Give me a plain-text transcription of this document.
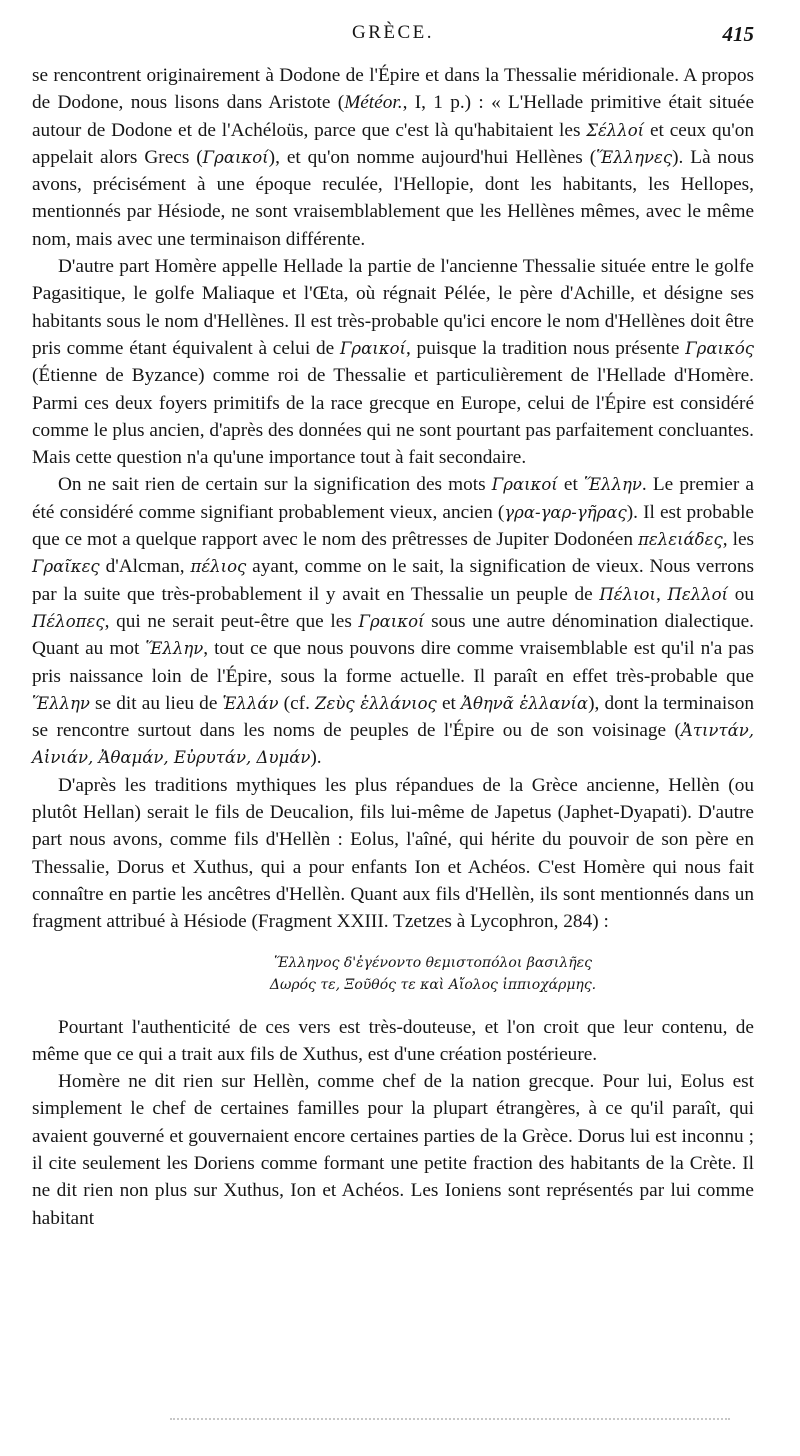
GRÈCE.	415

se rencontrent originairement à Dodone de l'Épire et dans la Thessalie méridionale. A propos de Dodone, nous lisons dans Aristote (Météor., I, 1 p.) : « L'Hellade primitive était située autour de Dodone et de l'Achéloüs, parce que c'est là qu'habitaient les Σέλλοί et ceux qu'on appelait alors Grecs (Γραικοί), et qu'on nomme aujourd'hui Hellènes (Ἕλληνες). Là nous avons, précisément à une époque reculée, l'Hellopie, dont les habitants, les Hellopes, mentionnés par Hésiode, ne sont vraisemblablement que les Hellènes mêmes, avec le même nom, mais avec une terminaison différente.

D'autre part Homère appelle Hellade la partie de l'ancienne Thessalie située entre le golfe Pagasitique, le golfe Maliaque et l'Œta, où régnait Pélée, le père d'Achille, et désigne ses habitants sous le nom d'Hellènes. Il est très-probable qu'ici encore le nom d'Hellènes doit être pris comme étant équivalent à celui de Γραικοί, puisque la tradition nous présente Γραικός (Étienne de Byzance) comme roi de Thessalie et particulièrement de l'Hellade d'Homère. Parmi ces deux foyers primitifs de la race grecque en Europe, celui de l'Épire est considéré comme le plus ancien, d'après des données qui ne sont pourtant pas parfaitement concluantes. Mais cette question n'a qu'une importance tout à fait secondaire.

On ne sait rien de certain sur la signification des mots Γραικοί et Ἕλλην. Le premier a été considéré comme signifiant probablement vieux, ancien (γρα-γαρ-γῆρας). Il est probable que ce mot a quelque rapport avec le nom des prêtresses de Jupiter Dodonéen πελειάδες, les Γραῖκες d'Alcman, πέλιος ayant, comme on le sait, la signification de vieux. Nous verrons par la suite que très-probablement il y avait en Thessalie un peuple de Πέλιοι, Πελλοί ou Πέλοπες, qui ne serait peut-être que les Γραικοί sous une autre dénomination dialectique. Quant au mot Ἕλλην, tout ce que nous pouvons dire comme vraisemblable est qu'il n'a pas pris naissance loin de l'Épire, sous la forme actuelle. Il paraît en effet très-probable que Ἕλλην se dit au lieu de Ἑλλάν (cf. Ζεὺς ἑλλάνιος et Ἀθηνᾶ ἑλλανία), dont la terminaison se rencontre surtout dans les noms de peuples de l'Épire ou de son voisinage (Ἀτιντάν, Αἰνιάν, Ἀθαμάν, Εὐρυτάν, Δυμάν).

D'après les traditions mythiques les plus répandues de la Grèce ancienne, Hellèn (ou plutôt Hellan) serait le fils de Deucalion, fils lui-même de Japetus (Japhet-Dyapati). D'autre part nous avons, comme fils d'Hellèn : Eolus, l'aîné, qui hérite du pouvoir de son père en Thessalie, Dorus et Xuthus, qui a pour enfants Ion et Achéos. C'est Homère qui nous fait connaître en partie les ancêtres d'Hellèn. Quant aux fils d'Hellèn, ils sont mentionnés dans un fragment attribué à Hésiode (Fragment XXIII. Tzetzes à Lycophron, 284) :

Ἕλληνος δ'ἐγένοντο θεμιστοπόλοι βασιλῆες
Δωρός τε, Ξοῦθός τε καὶ Αἴολος ἱππιοχάρμης.

Pourtant l'authenticité de ces vers est très-douteuse, et l'on croit que leur contenu, de même que ce qui a trait aux fils de Xuthus, est d'une création postérieure.

Homère ne dit rien sur Hellèn, comme chef de la nation grecque. Pour lui, Eolus est simplement le chef de certaines familles pour la plupart étrangères, à ce qu'il paraît, qui avaient gouverné et gouvernaient encore certaines parties de la Grèce. Dorus lui est inconnu ; il cite seulement les Doriens comme formant une petite fraction des habitants de la Crète. Il ne dit rien non plus sur Xuthus, Ion et Achéos. Les Ioniens sont représentés par lui comme habitant
